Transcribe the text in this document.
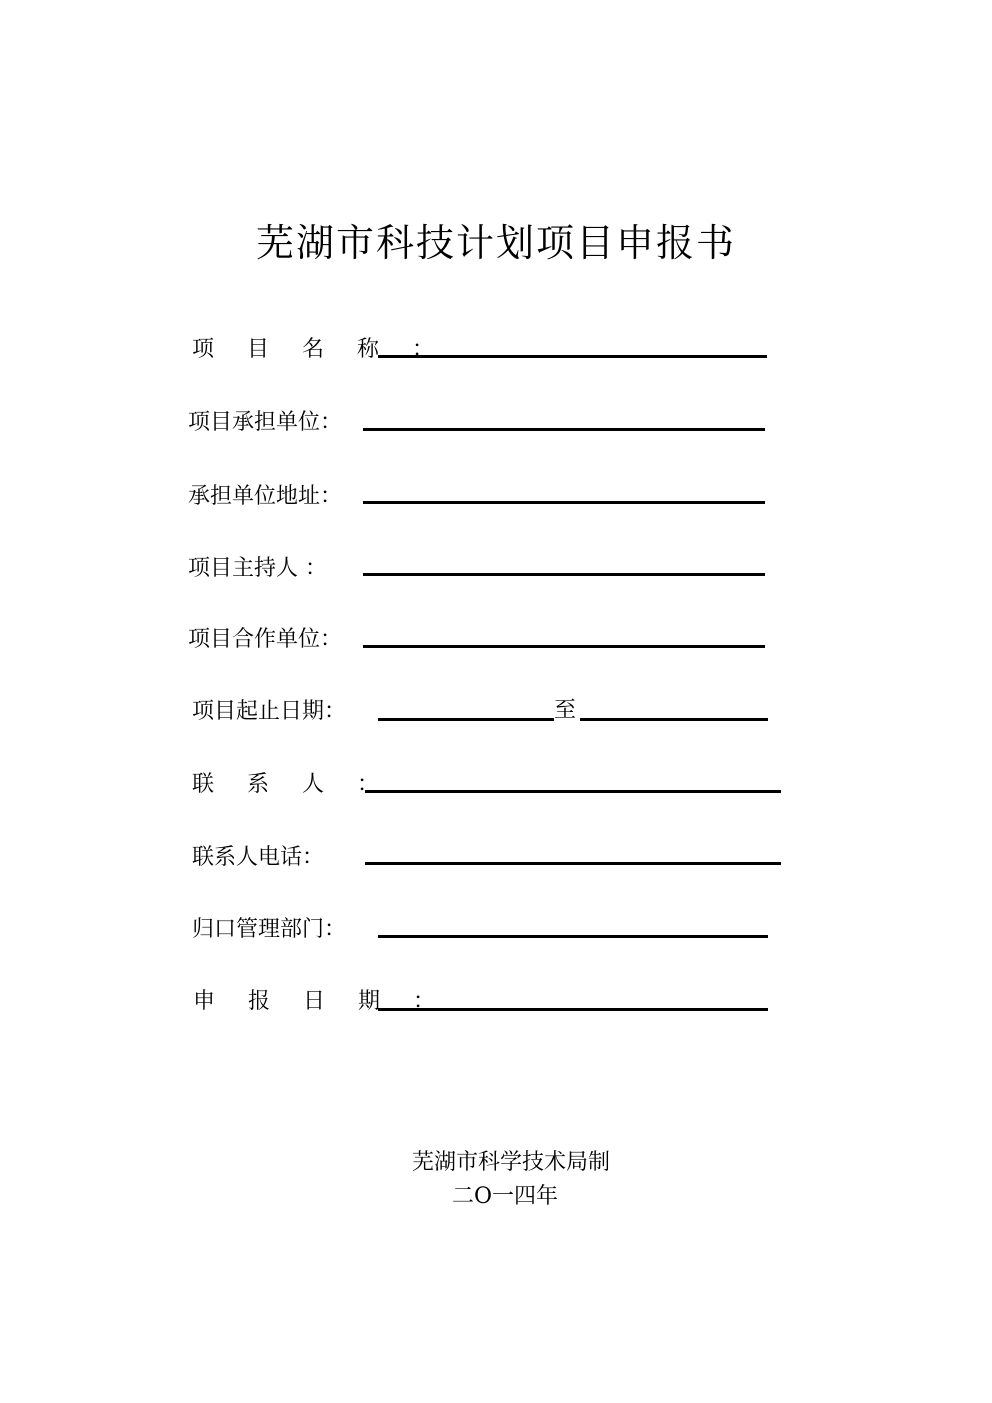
芜湖市科技计划项目申报书
项 目 名 称 ：
项目承担单位：
承担单位地址：
项目主持人 ：
项目合作单位：
项目起止日期：	至
联 系 人 ：
联系人电话：
归口管理部门：
申 报 日 期 ：
芜湖市科学技术局制
二O一四年
